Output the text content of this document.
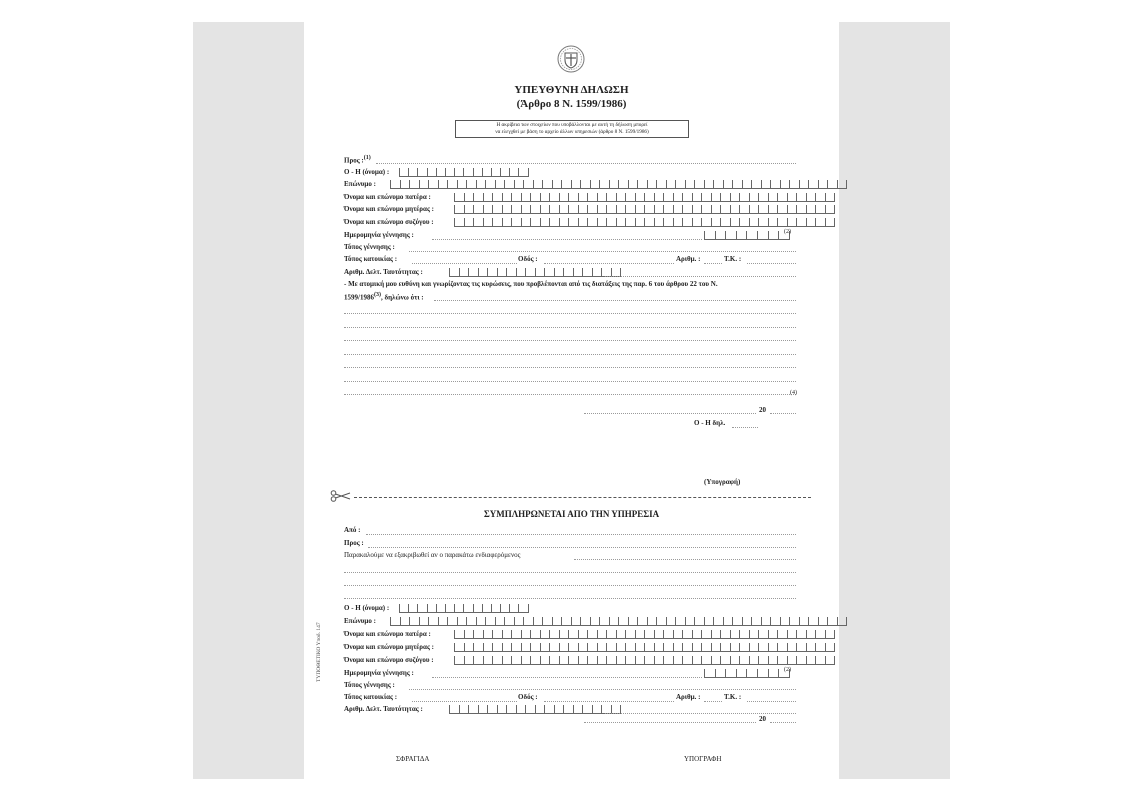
ΥΠΕΥΘΥΝΗ ΔΗΛΩΣΗ
(Άρθρο 8 Ν. 1599/1986)
Η ακρίβεια των στοιχείων που υποβάλλονται με αυτή τη δήλωση μπορεί
να ελεγχθεί με βάση το αρχείο άλλων υπηρεσιών (άρθρο 8 Ν. 1599/1986)
Προς :$^{(1)}$
Ο - Η (όνομα) :
Επώνυμο :
Όνομα και επώνυμο πατέρα :
Όνομα και επώνυμο μητέρας :
Όνομα και επώνυμο συζύγου :
Ημερομηνία γέννησης :	(2)
Τόπος γέννησης :
Τόπος κατοικίας :	Οδός :	Αριθμ. :	Τ.Κ. :
Αριθμ. Δελτ. Ταυτότητας :
- Με ατομική μου ευθύνη και γνωρίζοντας τις κυρώσεις, που προβλέπονται από τις διατάξεις της παρ. 6 του άρθρου 22 του Ν.
1599/1986$^{(3)}$, δηλώνω ότι :
(4)
20
Ο - Η δηλ.
(Υπογραφή)
ΣΥΜΠΛΗΡΩΝΕΤΑΙ ΑΠΟ ΤΗΝ ΥΠΗΡΕΣΙΑ
Από :
Προς :
Παρακαλούμε να εξακριβωθεί αν ο παρακάτω ενδιαφερόμενος
Ο - Η (όνομα) :
Επώνυμο :
Όνομα και επώνυμο πατέρα :
Όνομα και επώνυμο μητέρας :
Όνομα και επώνυμο συζύγου :
Ημερομηνία γέννησης :	(2)
Τόπος γέννησης :
Τόπος κατοικίας :	Οδός :	Αριθμ. :	Τ.Κ. :
Αριθμ. Δελτ. Ταυτότητας :
20
ΣΦΡΑΓΙΔΑ	ΥΠΟΓΡΑΦΗ
ΤΥΠΟΘΕΤΙΚΟ Υποδ. 147
